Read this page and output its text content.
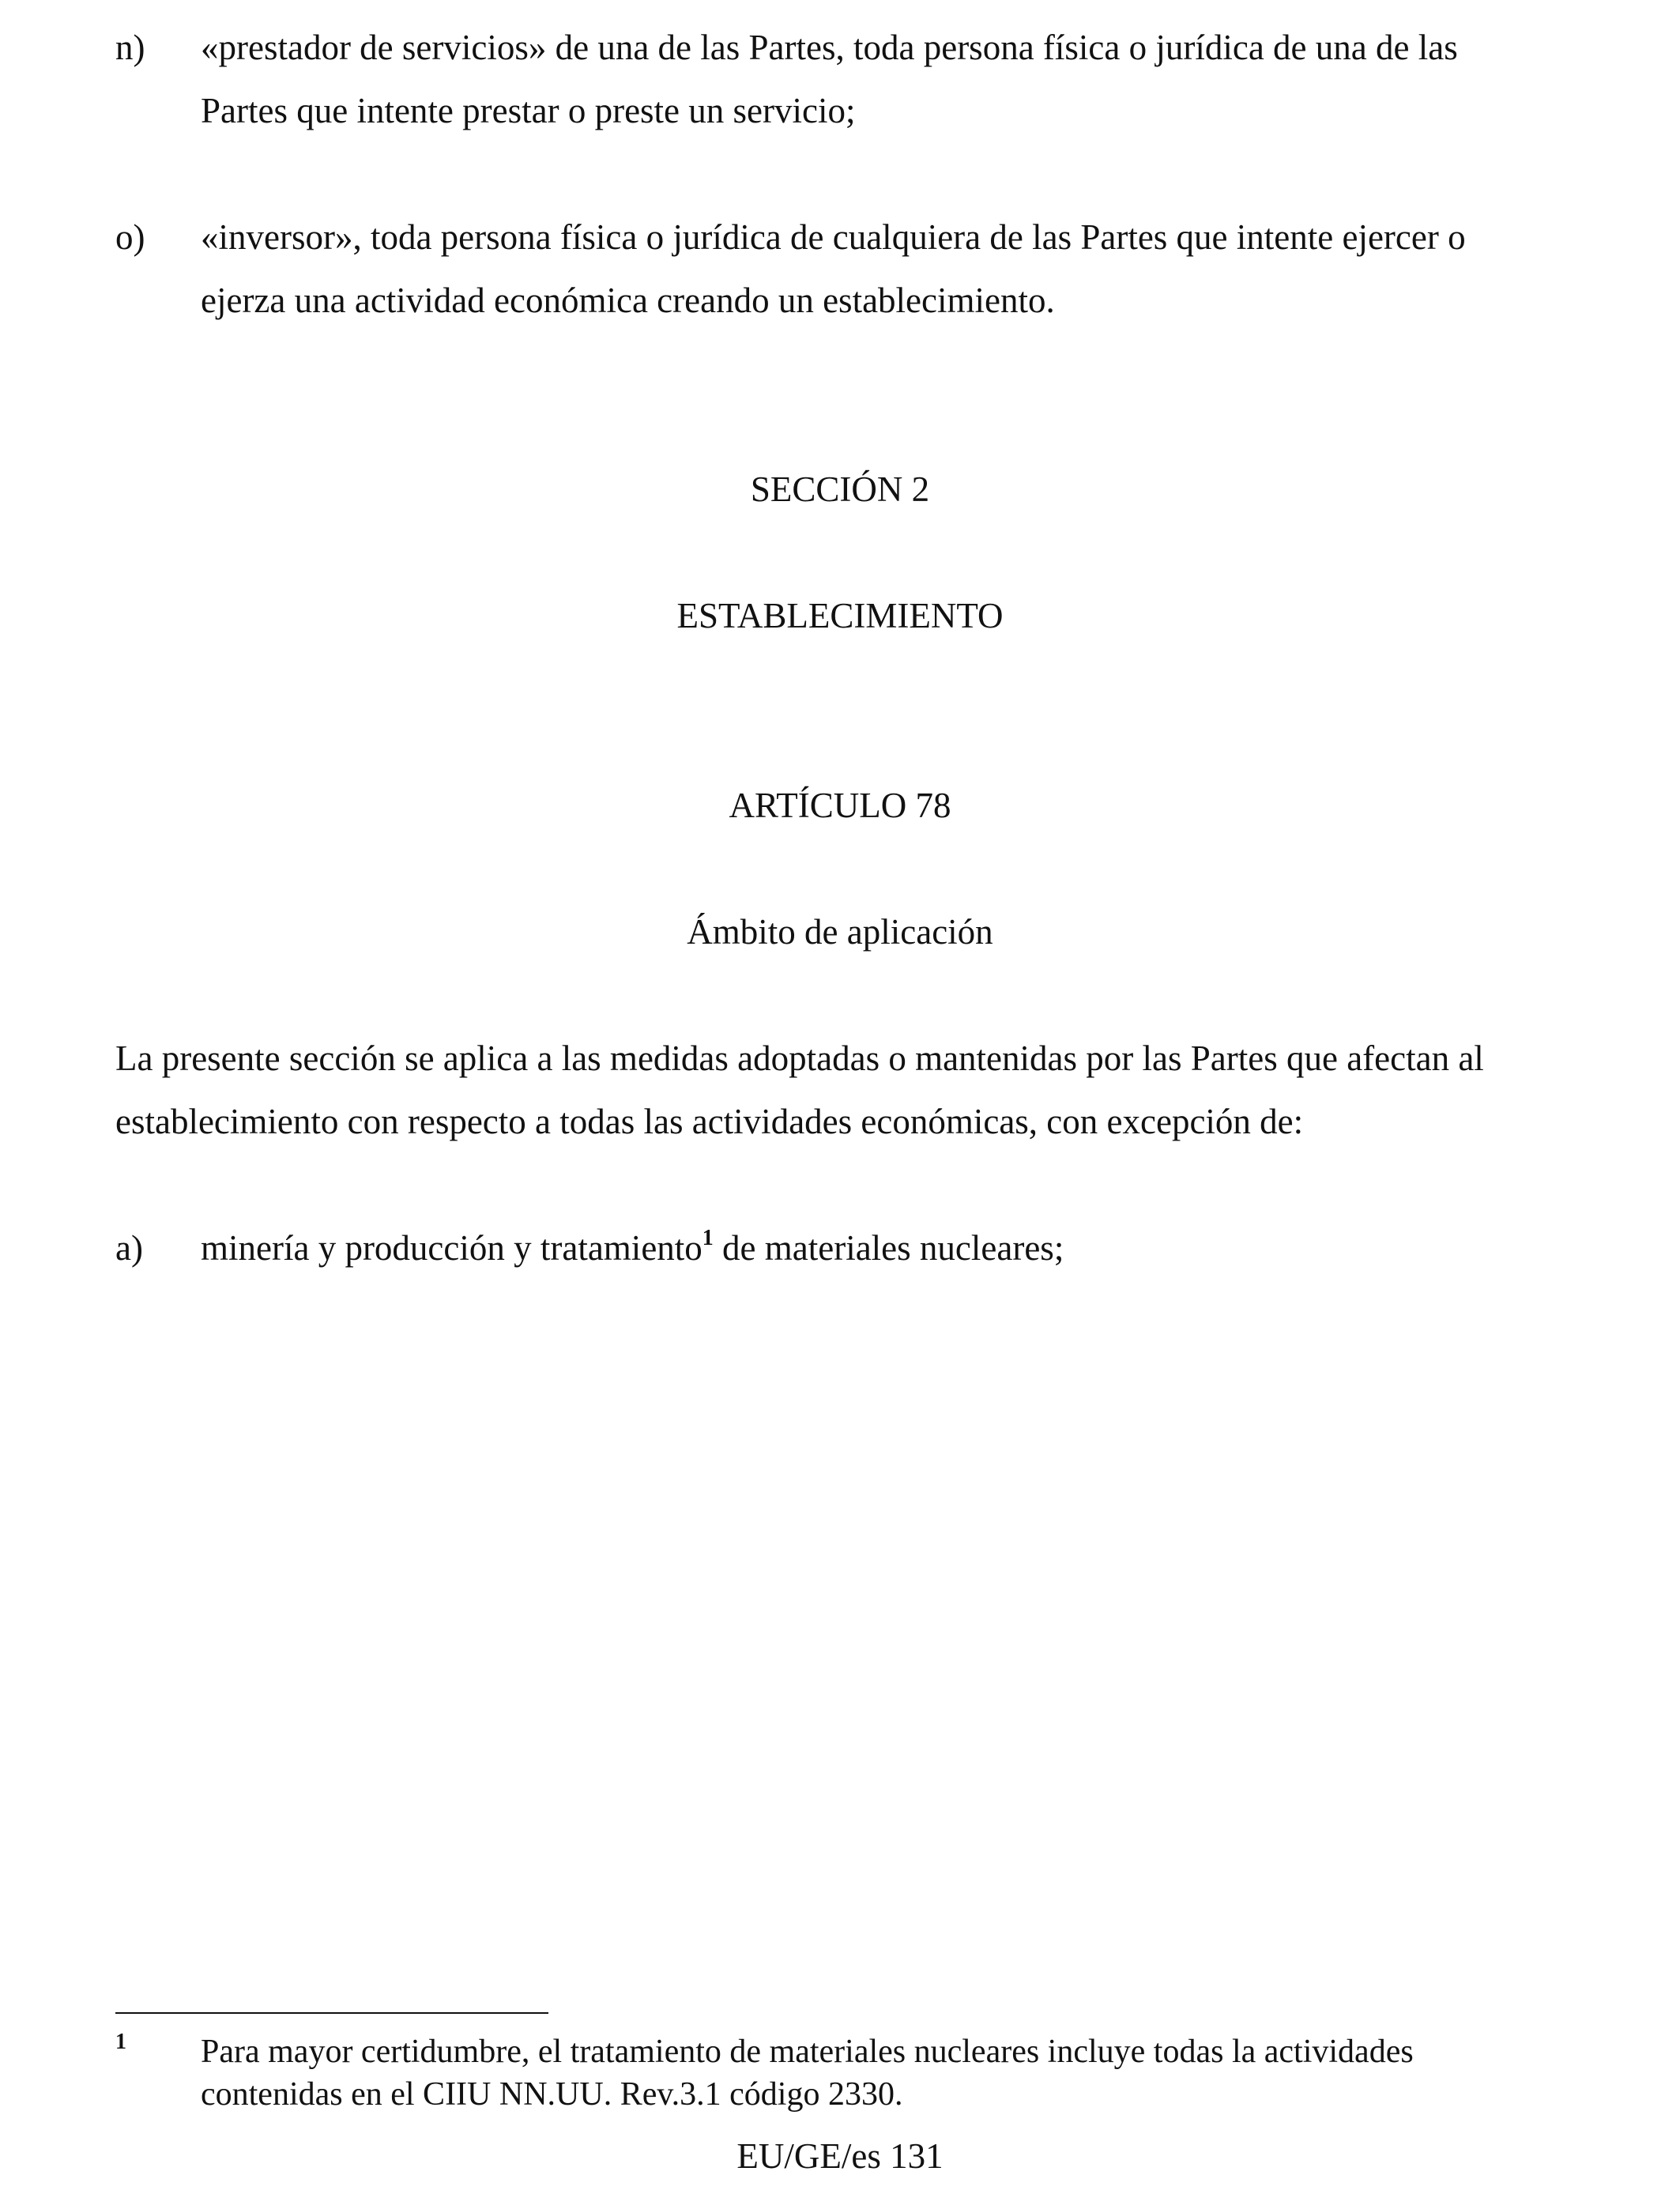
n) «prestador de servicios» de una de las Partes, toda persona física o jurídica de una de las
Partes que intente prestar o preste un servicio;
o) «inversor», toda persona física o jurídica de cualquiera de las Partes que intente ejercer o
ejerza una actividad económica creando un establecimiento.
SECCIÓN 2
ESTABLECIMIENTO
ARTÍCULO 78
Ámbito de aplicación
La presente sección se aplica a las medidas adoptadas o mantenidas por las Partes que afectan al
establecimiento con respecto a todas las actividades económicas, con excepción de:
a) minería y producción y tratamiento$^1$ de materiales nucleares;
1 Para mayor certidumbre, el tratamiento de materiales nucleares incluye todas la actividades
contenidas en el CIIU NN.UU. Rev.3.1 código 2330.
EU/GE/es 131
